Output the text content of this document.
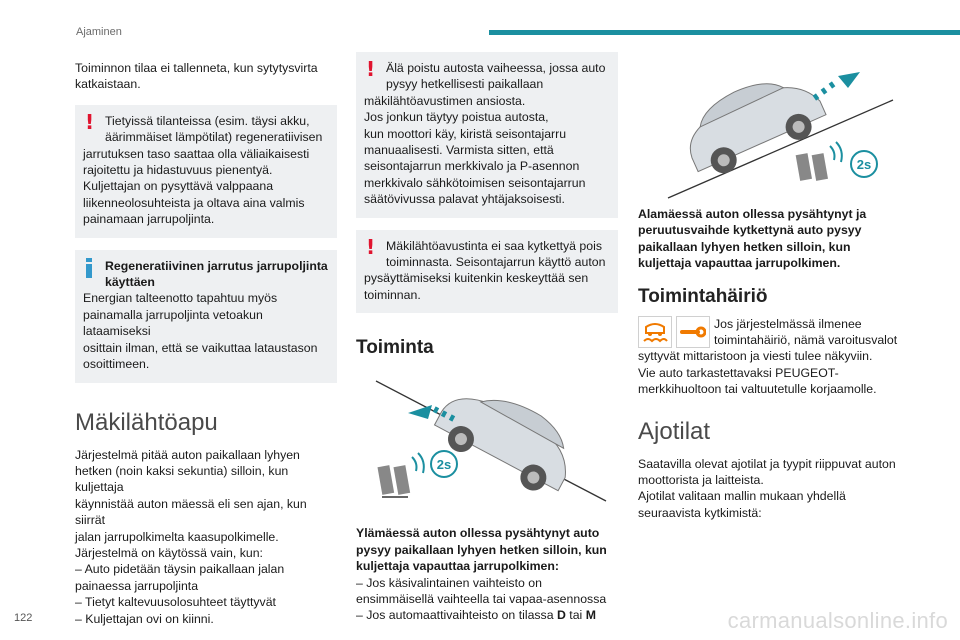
Ajaminen

Toiminnon tilaa ei tallenneta, kun sytytysvirta katkaistaan.

! Tietyissä tilanteissa (esim. täysi akku,
äärimmäiset lämpötilat) regeneratiivisen
jarrutuksen taso saattaa olla väliaikaisesti
rajoitettu ja hidastuvuus pienentyä.
Kuljettajan on pysyttävä valppaana
liikenneolosuhteista ja oltava aina valmis
painamaan jarrupoljinta.
Regeneratiivinen jarrutus jarrupoljinta
käyttäen
Energian talteenotto tapahtuu myös
painamalla jarrupoljinta vetoakun lataamiseksi
osittain ilman, että se vaikuttaa lataustason
osoittimeen.
Mäkilähtöapu
Järjestelmä pitää auton paikallaan lyhyen
hetken (noin kaksi sekuntia) silloin, kun kuljettaja
käynnistää auton mäessä eli sen ajan, kun siirrät
jalan jarrupolkimelta kaasupolkimelle.
Järjestelmä on käytössä vain, kun:
– Auto pidetään täysin paikallaan jalan
painaessa jarrupoljinta
– Tietyt kaltevuusolosuhteet täyttyvät
– Kuljettajan ovi on kiinni.
! Älä poistu autosta vaiheessa, jossa auto
pysyy hetkellisesti paikallaan
mäkilähtöavustimen ansiosta.
Jos jonkun täytyy poistua autosta,
kun moottori käy, kiristä seisontajarru
manuaalisesti. Varmista sitten, että
seisontajarrun merkkivalo ja P-asennon
merkkivalo sähkötoimisen seisontajarrun
säätövivussa palavat yhtäjaksoisesti.
! Mäkilähtöavustinta ei saa kytkettyä pois
toiminnasta. Seisontajarrun käyttö auton
pysäyttämiseksi kuitenkin keskeyttää sen
toiminnan.
Toiminta
2s
Ylämäessä auton ollessa pysähtynyt auto
pysyy paikallaan lyhyen hetken silloin, kun
kuljettaja vapauttaa jarrupolkimen:
– Jos käsivalintainen vaihteisto on
ensimmäisellä vaihteella tai vapaa-asennossa
– Jos automaattivaihteisto on tilassa D tai M
2s
Alamäessä auton ollessa pysähtynyt ja
peruutusvaihde kytkettynä auto pysyy
paikallaan lyhyen hetken silloin, kun
kuljettaja vapauttaa jarrupolkimen.
Toimintahäiriö
Jos järjestelmässä ilmenee
toimintahäiriö, nämä varoitusvalot
syttyvät mittaristoon ja viesti tulee näkyviin.
Vie auto tarkastettavaksi PEUGEOT-
merkkihuoltoon tai valtuutetulle korjaamolle.
Ajotilat
Saatavilla olevat ajotilat ja tyypit riippuvat auton
moottorista ja laitteista.
Ajotilat valitaan mallin mukaan yhdellä
seuraavista kytkimistä:
122	carmanualsonline.info
